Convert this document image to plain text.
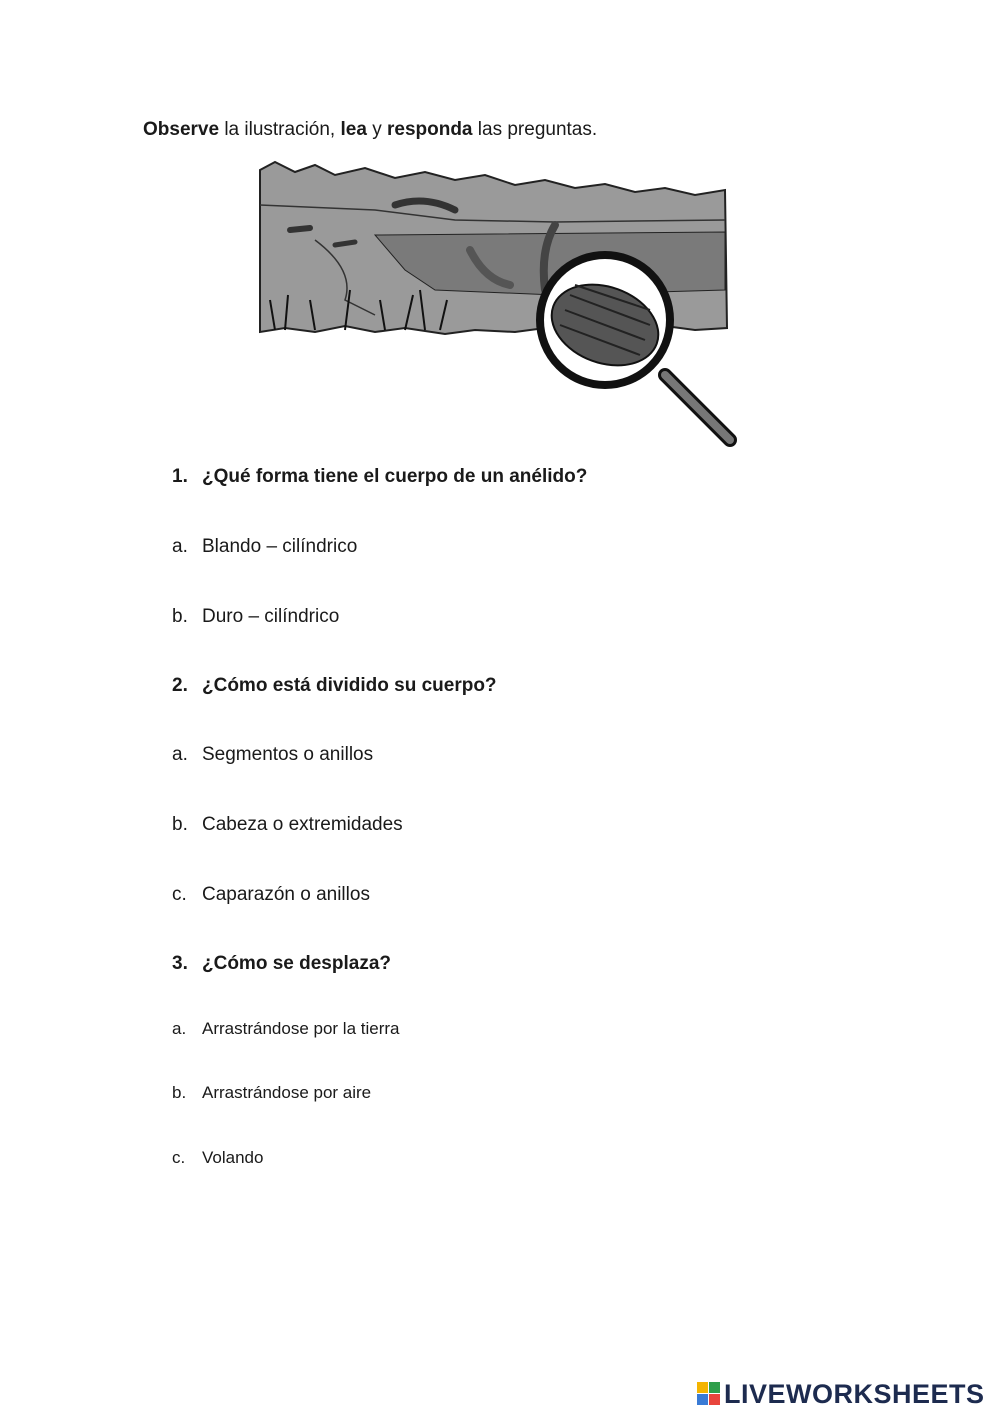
Observe la ilustración, lea y responda las preguntas.

1. ¿Qué forma tiene el cuerpo de un anélido?
a. Blando – cilíndrico
b. Duro – cilíndrico
2. ¿Cómo está dividido su cuerpo?
a. Segmentos o anillos
b. Cabeza o extremidades
c. Caparazón o anillos
3. ¿Cómo se desplaza?
a. Arrastrándose por la tierra
b. Arrastrándose por aire
c. Volando
LIVEWORKSHEETS
